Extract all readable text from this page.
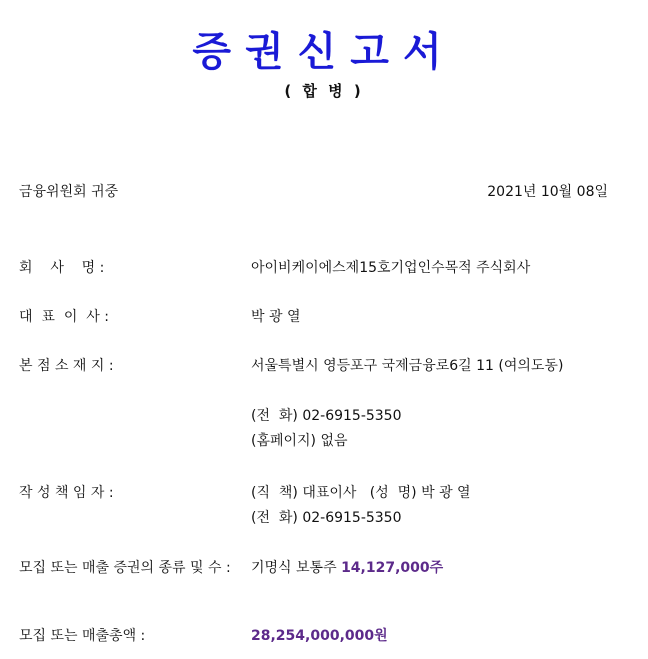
증권신고서
( 합 병 )
금융위원회 귀중	2021년 10월 08일
회    사    명 :	아이비케이에스제15호기업인수목적 주식회사
대  표  이  사 :	박 광 열
본 점 소 재 지 :	서울특별시 영등포구 국제금융로6길 11 (여의도동)
(전  화) 02-6915-5350
(홈페이지) 없음
작 성 책 임 자 :	(직  책) 대표이사   (성  명) 박 광 열
(전  화) 02-6915-5350
모집 또는 매출 증권의 종류 및 수 : 기명식 보통주 14,127,000주
모집 또는 매출총액 :	28,254,000,000원
